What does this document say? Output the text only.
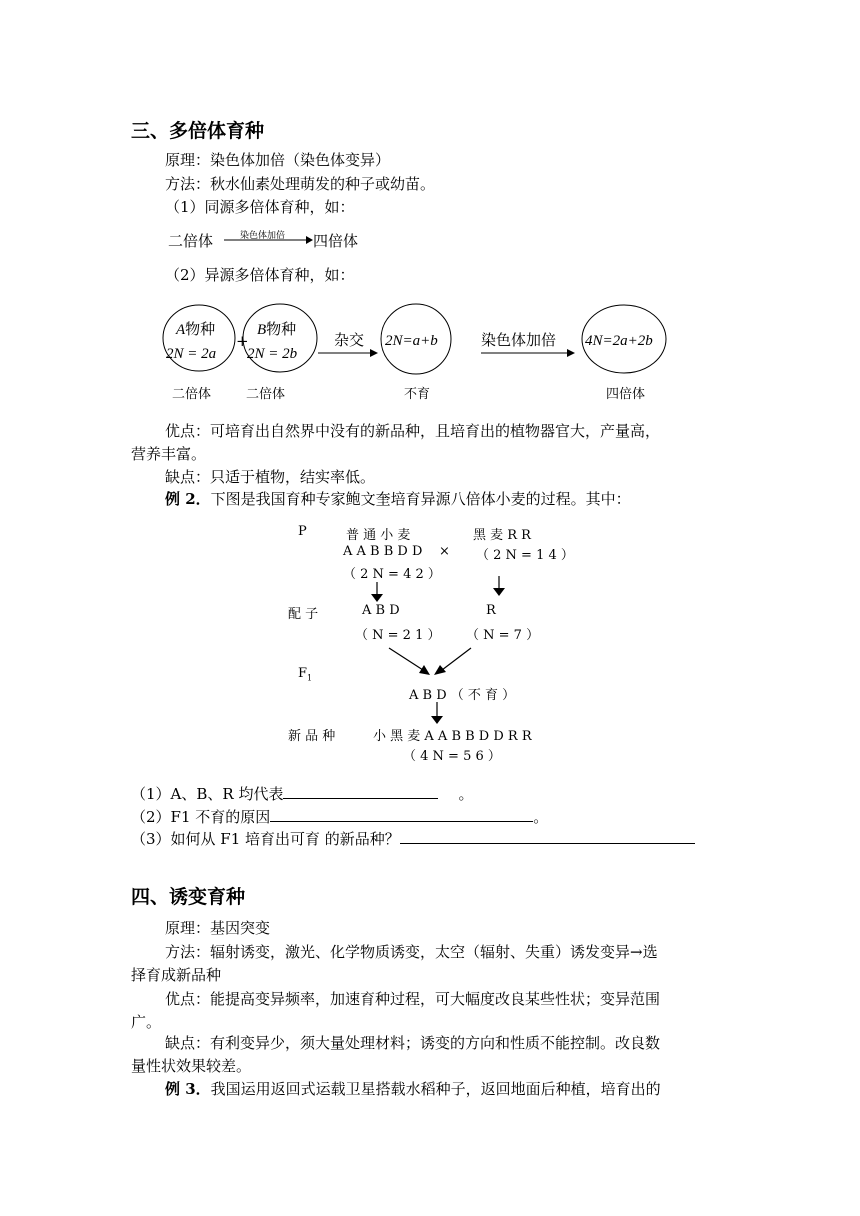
三、多倍体育种
原理：染色体加倍（染色体变异）
方法：秋水仙素处理萌发的种子或幼苗。
（1）同源多倍体育种，如：
二倍体	染色体加倍 四倍体
（2）异源多倍体育种，如：
A物种
2N = 2a
+
B物种
2N = 2b
杂交 2N=a+b	染色体加倍 4N=2a+2b
二倍体	二倍体	不育	四倍体
优点：可培育出自然界中没有的新品种，且培育出的植物器官大，产量高，
营养丰富。
缺点：只适于植物，结实率低。
例 2．下图是我国育种专家鲍文奎培育异源八倍体小麦的过程。其中：
P	普 通 小 麦	黑 麦 R R
A A B B D D × （ 2 N = 1 4 ）
（ 2 N = 4 2 ）
配 子	A B D	R
（ N = 2 1 ） （ N = 7 ）
$F_1$
A B D （ 不 育 ）
新 品 种	小 黑 麦 A A B B D D R R
（ 4 N = 5 6 ）
（1）A、B、R 均代表	。
（2）F1 不育的原因	。
（3）如何从 F1 培育出可育 的新品种？
四、诱变育种
原理：基因突变
方法：辐射诱变，激光、化学物质诱变，太空（辐射、失重）诱发变异→选
择育成新品种
优点：能提高变异频率，加速育种过程，可大幅度改良某些性状；变异范围
广。
缺点：有利变异少，须大量处理材料；诱变的方向和性质不能控制。改良数
量性状效果较差。
例 3．我国运用返回式运载卫星搭载水稻种子，返回地面后种植，培育出的
